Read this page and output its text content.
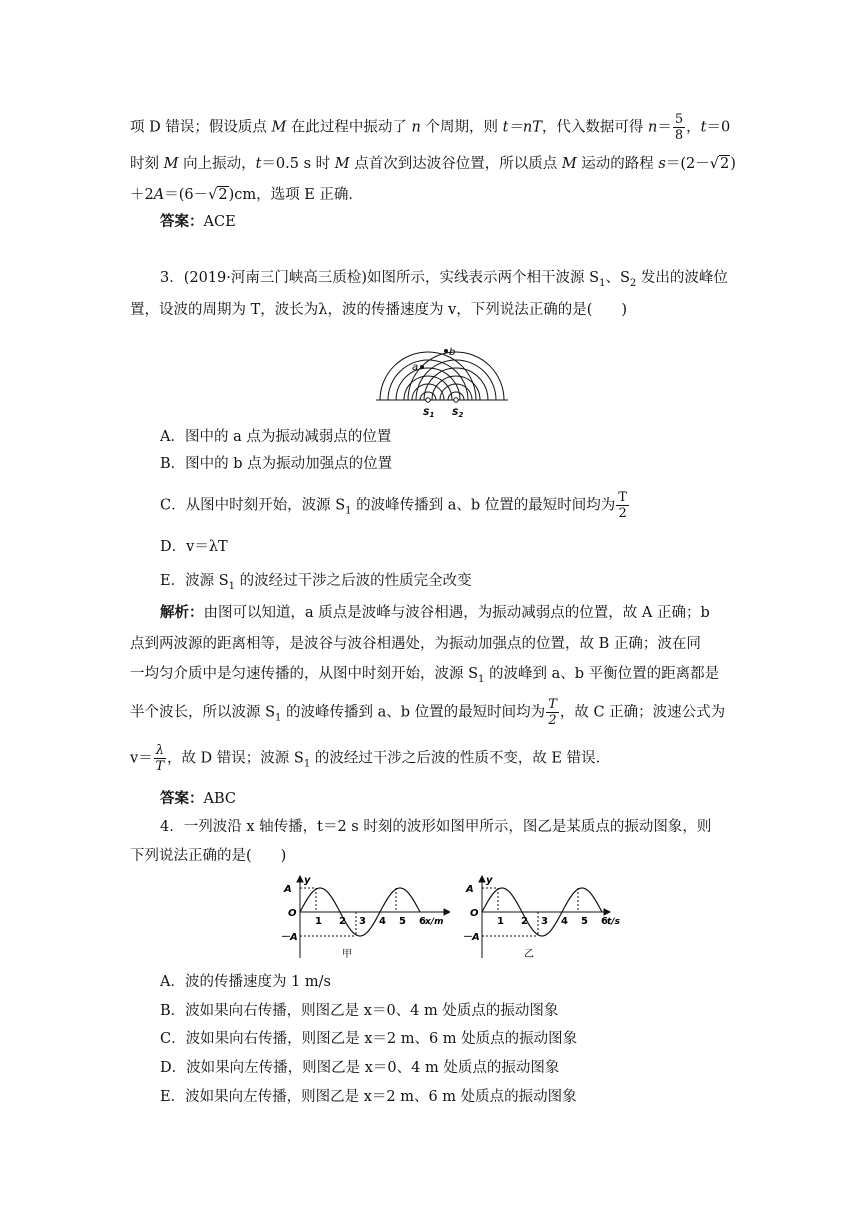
项 D 错误；假设质点 M 在此过程中振动了 n 个周期，则 t＝nT，代入数据可得 $n= \frac{5}{8}$ ，t＝0
时刻 M 向上振动，t＝0.5 s 时 M 点首次到达波谷位置，所以质点 M 运动的路程 s＝(2－√2)
＋2A＝(6－√2)cm，选项 E 正确．
答案：ACE
3．(2019·河南三门峡高三质检)如图所示，实线表示两个相干波源 $S_1$、$S_2$ 发出的波峰位
置，设波的周期为 T，波长为λ，波的传播速度为 v，下列说法正确的是(　　)
a
b
$S_1$ $S_2$
A．图中的 a 点为振动减弱点的位置
B．图中的 b 点为振动加强点的位置
C．从图中时刻开始，波源 $S_1$ 的波峰传播到 a、b 位置的最短时间均为 $\frac{T}{2}$
D．v＝λT
E．波源 $S_1$ 的波经过干涉之后波的性质完全改变
解析：由图可以知道，a 质点是波峰与波谷相遇，为振动减弱点的位置，故 A 正确；b
点到两波源的距离相等，是波谷与波谷相遇处，为振动加强点的位置，故 B 正确；波在同
一均匀介质中是匀速传播的，从图中时刻开始，波源 $S_1$ 的波峰到 a、b 平衡位置的距离都是
半个波长，所以波源 $S_1$ 的波峰传播到 a、b 位置的最短时间均为 $\frac{T}{2}$ ，故 C 正确；波速公式为
$v= \frac{\lambda}{T}$ ，故 D 错误；波源 $S_1$ 的波经过干涉之后波的性质不变，故 E 错误．
答案：ABC
4．一列波沿 x 轴传播，t＝2 s 时刻的波形如图甲所示，图乙是某质点的振动图象，则
下列说法正确的是(　　)
A
y
O
－A
1 2 3 4 5 6 x/m
甲
A
y
O
－A
1 2 3 4 5 6 t/s
乙
A．波的传播速度为 1 m/s
B．波如果向右传播，则图乙是 x＝0、4 m 处质点的振动图象
C．波如果向右传播，则图乙是 x＝2 m、6 m 处质点的振动图象
D．波如果向左传播，则图乙是 x＝0、4 m 处质点的振动图象
E．波如果向左传播，则图乙是 x＝2 m、6 m 处质点的振动图象
